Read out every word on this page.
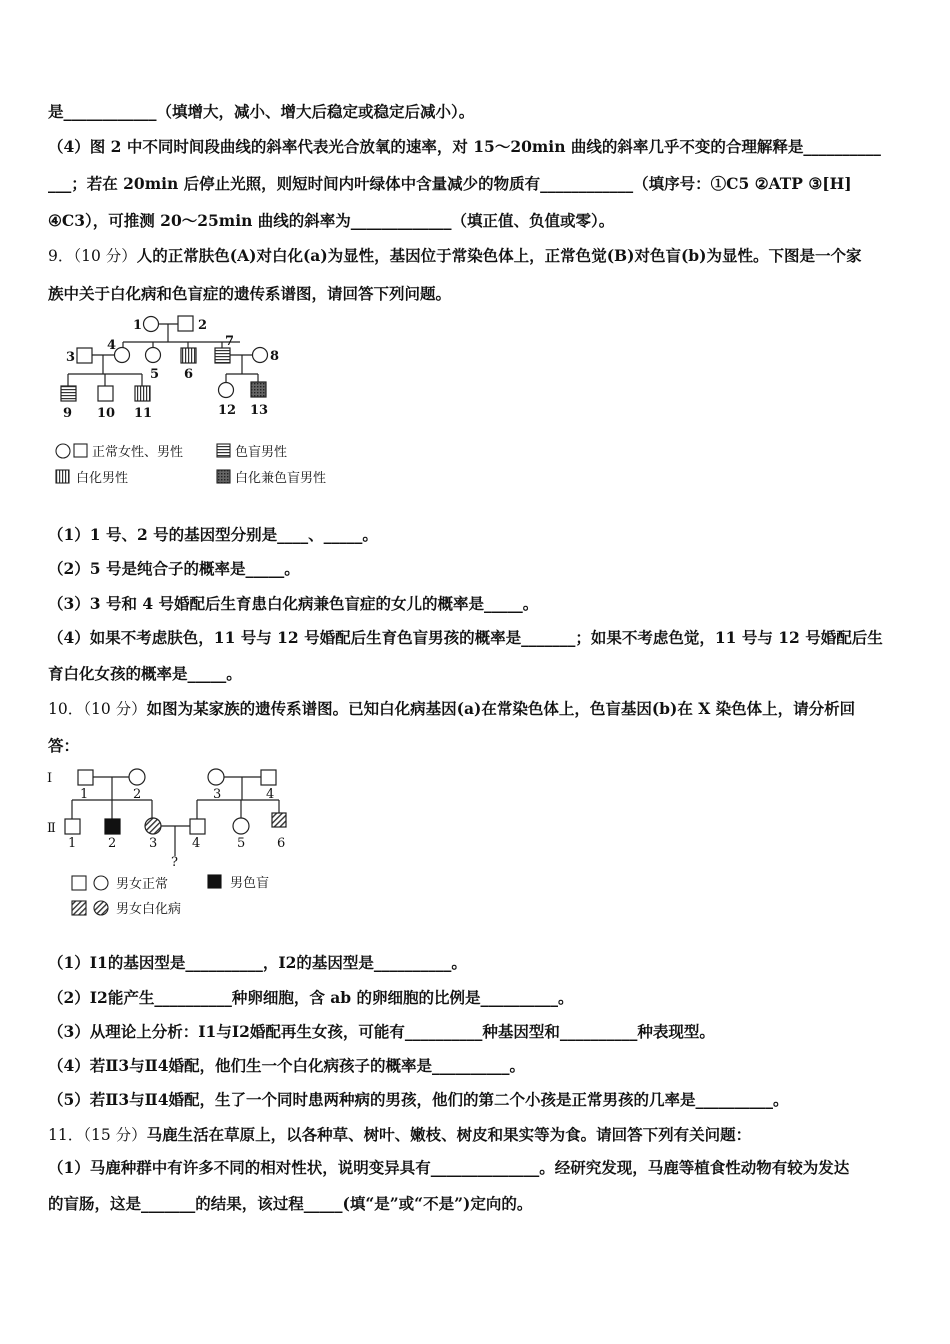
是____________（填增大，减小、增大后稳定或稳定后减小）。
（4）图 2 中不同时间段曲线的斜率代表光合放氧的速率，对 15～20min 曲线的斜率几乎不变的合理解释是__________
___；若在 20min 后停止光照，则短时间内叶绿体中含量减少的物质有____________（填序号：①C5 ②ATP ③[H]
④C3），可推测 20～25min 曲线的斜率为_____________（填正值、负值或零）。
9．（10 分）人的正常肤色(A)对白化(a)为显性，基因位于常染色体上，正常色觉(B)对色盲(b)为显性。下图是一个家
族中关于白化病和色盲症的遗传系谱图，请回答下列问题。
1	2
3
4
5 6
7
8
9 10 11	12 13
正常女性、男性	色盲男性
白化男性	白化兼色盲男性
（1）1 号、2 号的基因型分别是____、_____。
（2）5 号是纯合子的概率是_____。
（3）3 号和 4 号婚配后生育患白化病兼色盲症的女儿的概率是_____。
（4）如果不考虑肤色，11 号与 12 号婚配后生育色盲男孩的概率是_______；如果不考虑色觉，11 号与 12 号婚配后生
育白化女孩的概率是_____。
10．（10 分）如图为某家族的遗传系谱图。已知白化病基因(a)在常染色体上，色盲基因(b)在 X 染色体上，请分析回
答：
Ⅰ
Ⅱ
1	2	3	4
1 2	3	4	5 6
?
男女正常	男色盲
男女白化病
（1）Ⅰ1的基因型是__________，Ⅰ2的基因型是__________。
（2）Ⅰ2能产生__________种卵细胞，含 ab 的卵细胞的比例是__________。
（3）从理论上分析：Ⅰ1与Ⅰ2婚配再生女孩，可能有__________种基因型和__________种表现型。
（4）若Ⅱ3与Ⅱ4婚配，他们生一个白化病孩子的概率是__________。
（5）若Ⅱ3与Ⅱ4婚配，生了一个同时患两种病的男孩，他们的第二个小孩是正常男孩的几率是__________。
11．（15 分）马鹿生活在草原上，以各种草、树叶、嫩枝、树皮和果实等为食。请回答下列有关问题：
（1）马鹿种群中有许多不同的相对性状，说明变异具有______________。经研究发现，马鹿等植食性动物有较为发达
的盲肠，这是_______的结果，该过程_____(填“是”或“不是”)定向的。
